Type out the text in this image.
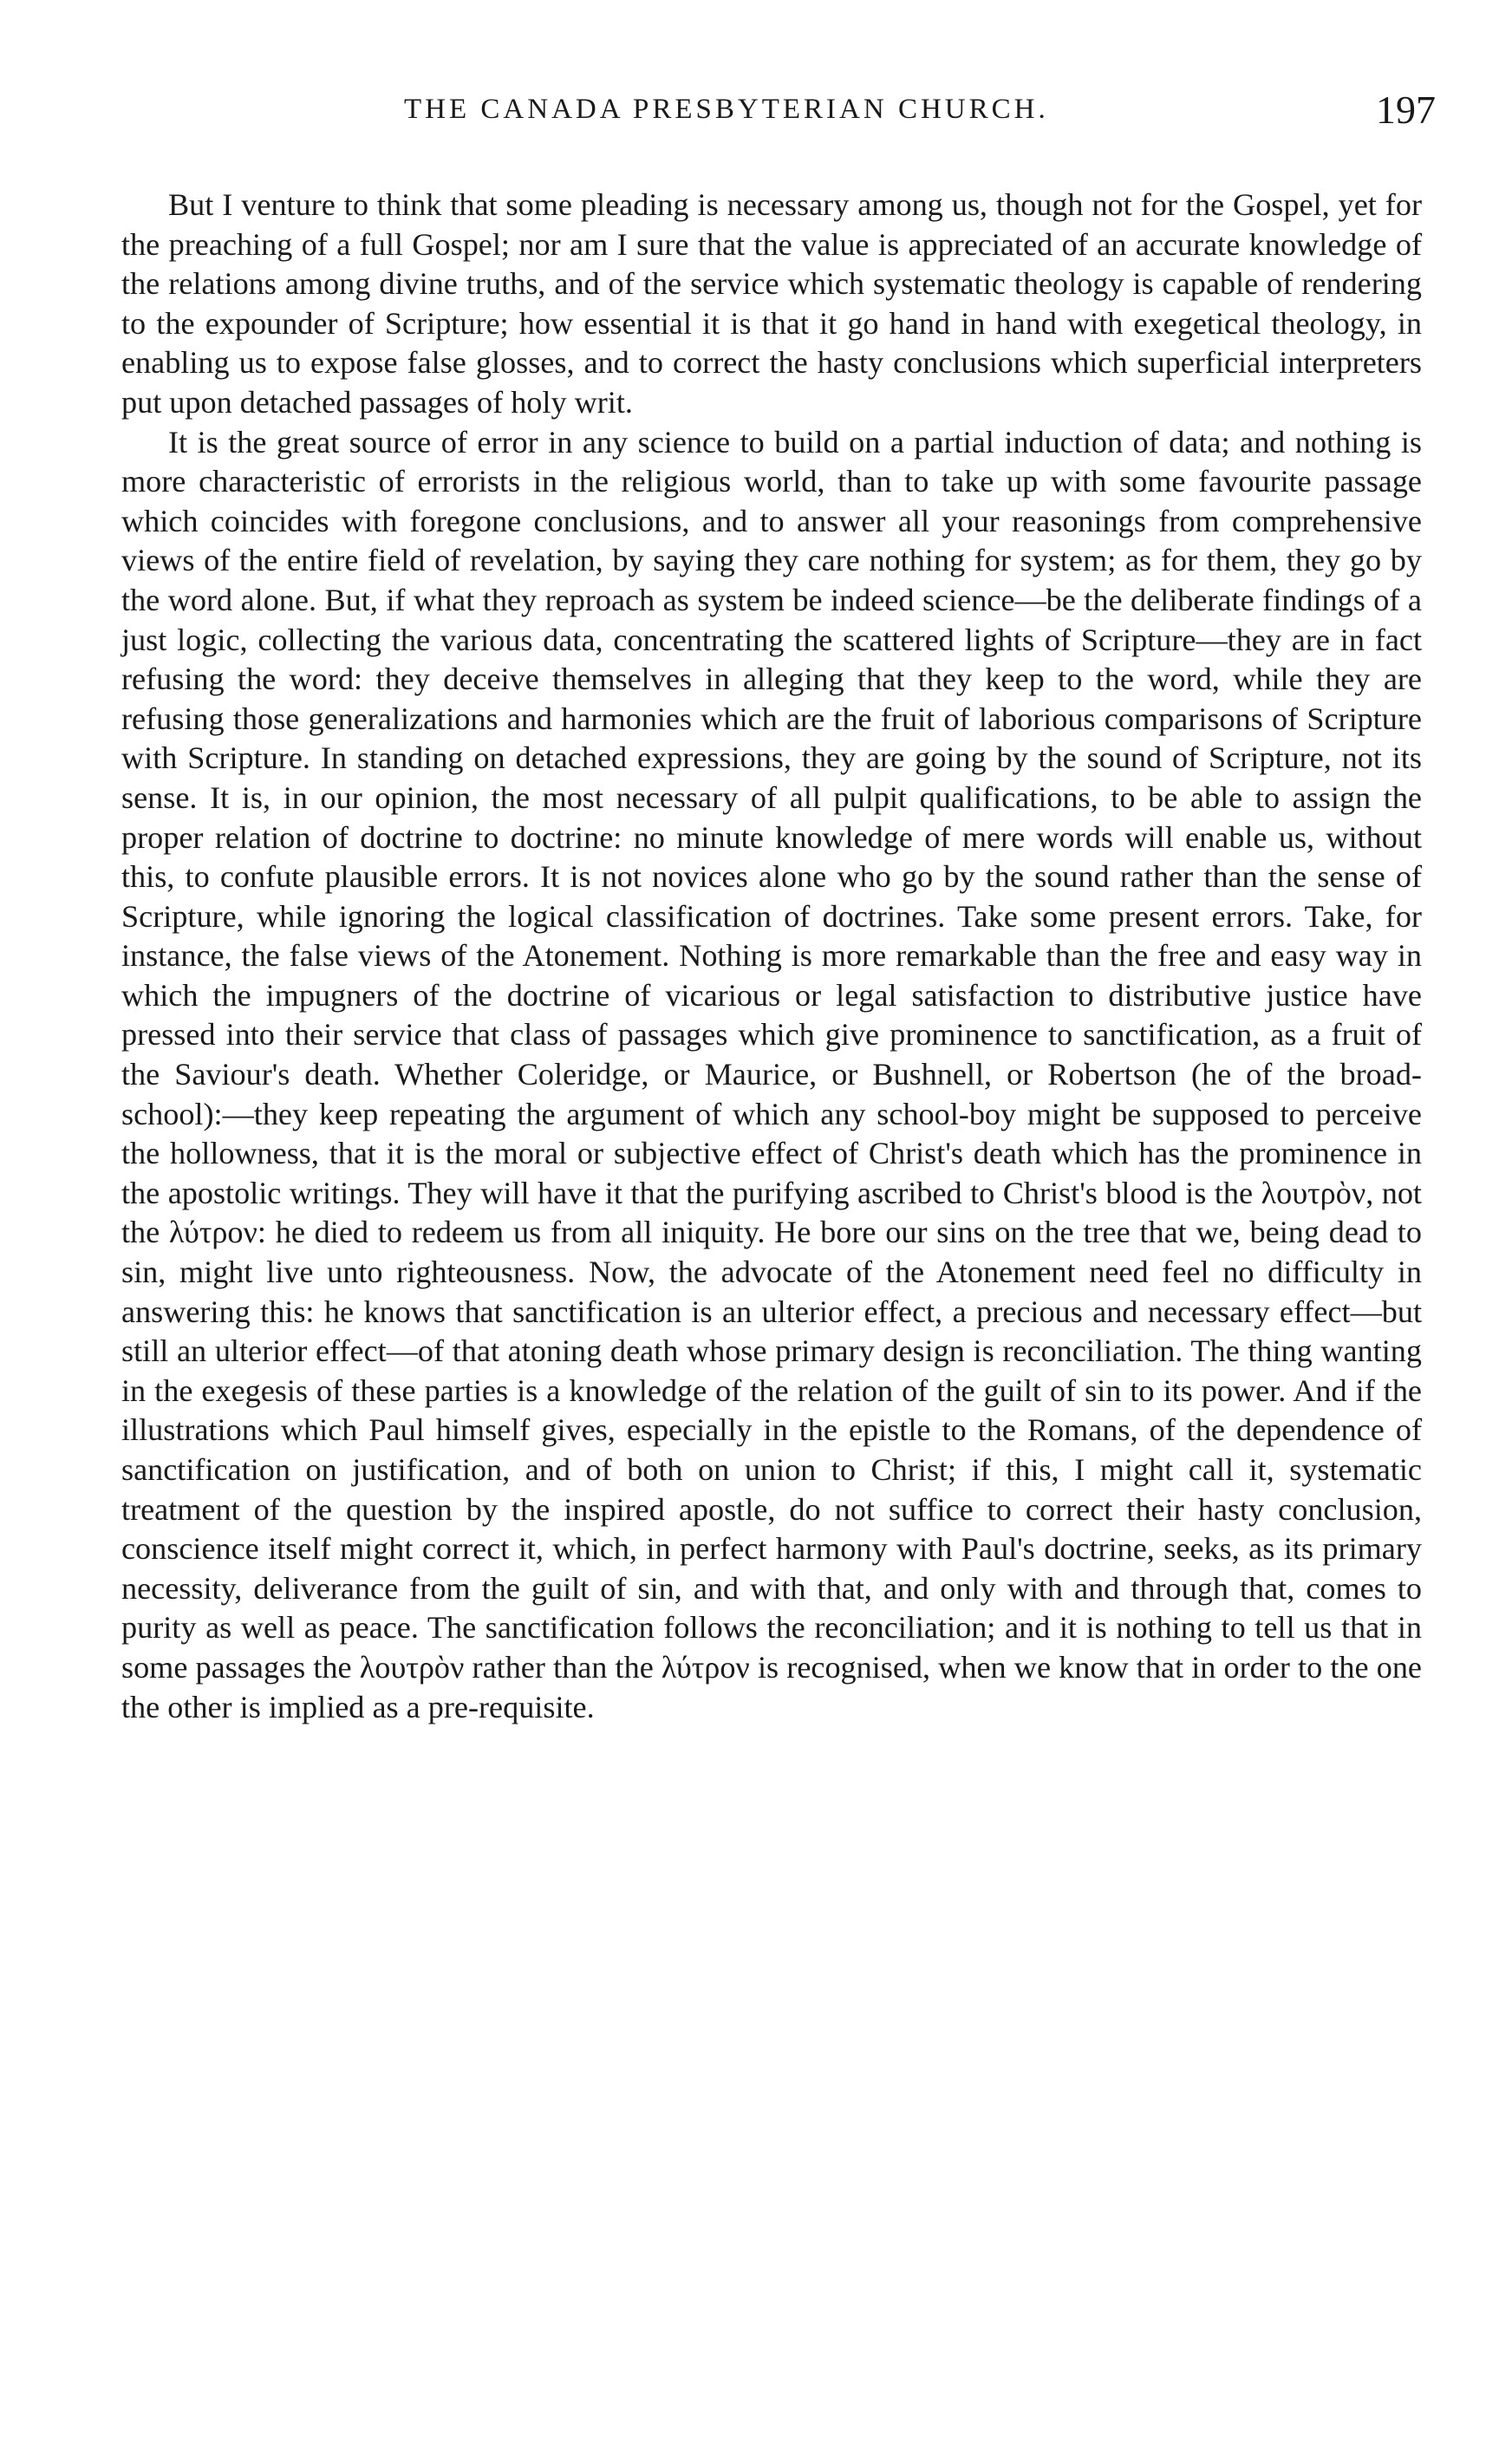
THE CANADA PRESBYTERIAN CHURCH.	197

But I venture to think that some pleading is necessary among us, though not for the Gospel, yet for the preaching of a full Gospel; nor am I sure that the value is appreciated of an accurate knowledge of the relations among divine truths, and of the service which systematic theology is capable of rendering to the expounder of Scripture; how essential it is that it go hand in hand with exegetical theology, in enabling us to expose false glosses, and to correct the hasty conclusions which superficial interpreters put upon detached passages of holy writ.

It is the great source of error in any science to build on a partial induction of data; and nothing is more characteristic of errorists in the religious world, than to take up with some favourite passage which coincides with foregone conclusions, and to answer all your reasonings from comprehensive views of the entire field of revelation, by saying they care nothing for system; as for them, they go by the word alone. But, if what they reproach as system be indeed science—be the deliberate findings of a just logic, collecting the various data, concentrating the scattered lights of Scripture—they are in fact refusing the word: they deceive themselves in alleging that they keep to the word, while they are refusing those generalizations and harmonies which are the fruit of laborious comparisons of Scripture with Scripture. In standing on detached expressions, they are going by the sound of Scripture, not its sense. It is, in our opinion, the most necessary of all pulpit qualifications, to be able to assign the proper relation of doctrine to doctrine: no minute knowledge of mere words will enable us, without this, to confute plausible errors. It is not novices alone who go by the sound rather than the sense of Scripture, while ignoring the logical classification of doctrines. Take some present errors. Take, for instance, the false views of the Atonement. Nothing is more remarkable than the free and easy way in which the impugners of the doctrine of vicarious or legal satisfaction to distributive justice have pressed into their service that class of passages which give prominence to sanctification, as a fruit of the Saviour's death. Whether Coleridge, or Maurice, or Bushnell, or Robertson (he of the broad-school):—they keep repeating the argument of which any school-boy might be supposed to perceive the hollowness, that it is the moral or subjective effect of Christ's death which has the prominence in the apostolic writings. They will have it that the purifying ascribed to Christ's blood is the λουτρὸν, not the λύτρον: he died to redeem us from all iniquity. He bore our sins on the tree that we, being dead to sin, might live unto righteousness. Now, the advocate of the Atonement need feel no difficulty in answering this: he knows that sanctification is an ulterior effect, a precious and necessary effect—but still an ulterior effect—of that atoning death whose primary design is reconciliation. The thing wanting in the exegesis of these parties is a knowledge of the relation of the guilt of sin to its power. And if the illustrations which Paul himself gives, especially in the epistle to the Romans, of the dependence of sanctification on justification, and of both on union to Christ; if this, I might call it, systematic treatment of the question by the inspired apostle, do not suffice to correct their hasty conclusion, conscience itself might correct it, which, in perfect harmony with Paul's doctrine, seeks, as its primary necessity, deliverance from the guilt of sin, and with that, and only with and through that, comes to purity as well as peace. The sanctification follows the reconciliation; and it is nothing to tell us that in some passages the λουτρὸν rather than the λύτρον is recognised, when we know that in order to the one the other is implied as a pre-requisite.
